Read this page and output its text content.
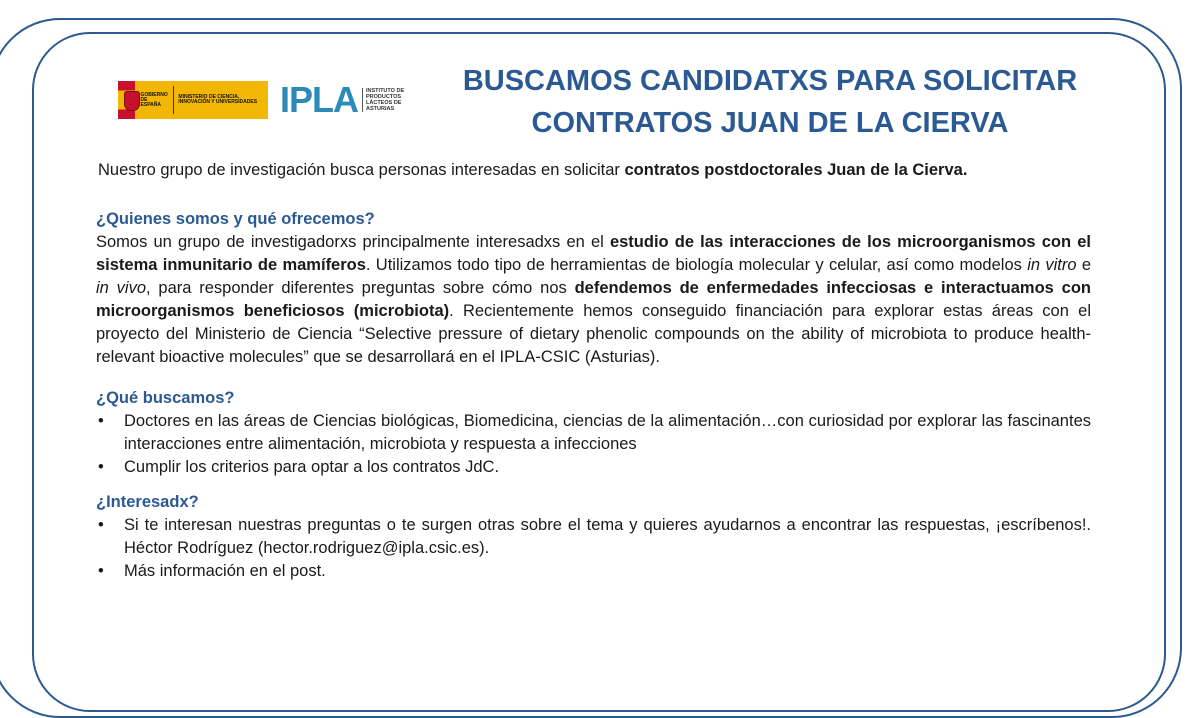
GOBIERNO DE ESPAÑA
MINISTERIO DE CIENCIA, INNOVACIÓN Y UNIVERSIDADES IPLA	INSTITUTO DE PRODUCTOS LÁCTEOS DE ASTURIAS
BUSCAMOS CANDIDATXS PARA SOLICITAR
CONTRATOS JUAN DE LA CIERVA
Nuestro grupo de investigación busca personas interesadas en solicitar contratos postdoctorales Juan de la Cierva.
¿Quienes somos y qué ofrecemos?

Somos un grupo de investigadorxs principalmente interesadxs en el estudio de las interacciones de los microorganismos con el sistema inmunitario de mamíferos. Utilizamos todo tipo de herramientas de biología molecular y celular, así como modelos in vitro e in vivo, para responder diferentes preguntas sobre cómo nos defendemos de enfermedades infecciosas e interactuamos con microorganismos beneficiosos (microbiota). Recientemente hemos conseguido financiación para explorar estas áreas con el proyecto del Ministerio de Ciencia “Selective pressure of dietary phenolic compounds on the ability of microbiota to produce health-relevant bioactive molecules” que se desarrollará en el IPLA-CSIC (Asturias).

¿Qué buscamos?
• Doctores en las áreas de Ciencias biológicas, Biomedicina, ciencias de la alimentación…con curiosidad por explorar las fascinantes interacciones entre alimentación, microbiota y respuesta a infecciones
• Cumplir los criterios para optar a los contratos JdC.
¿Interesadx?
• Si te interesan nuestras preguntas o te surgen otras sobre el tema y quieres ayudarnos a encontrar las respuestas, ¡escríbenos!. Héctor Rodríguez (hector.rodriguez@ipla.csic.es).
• Más información en el post.
